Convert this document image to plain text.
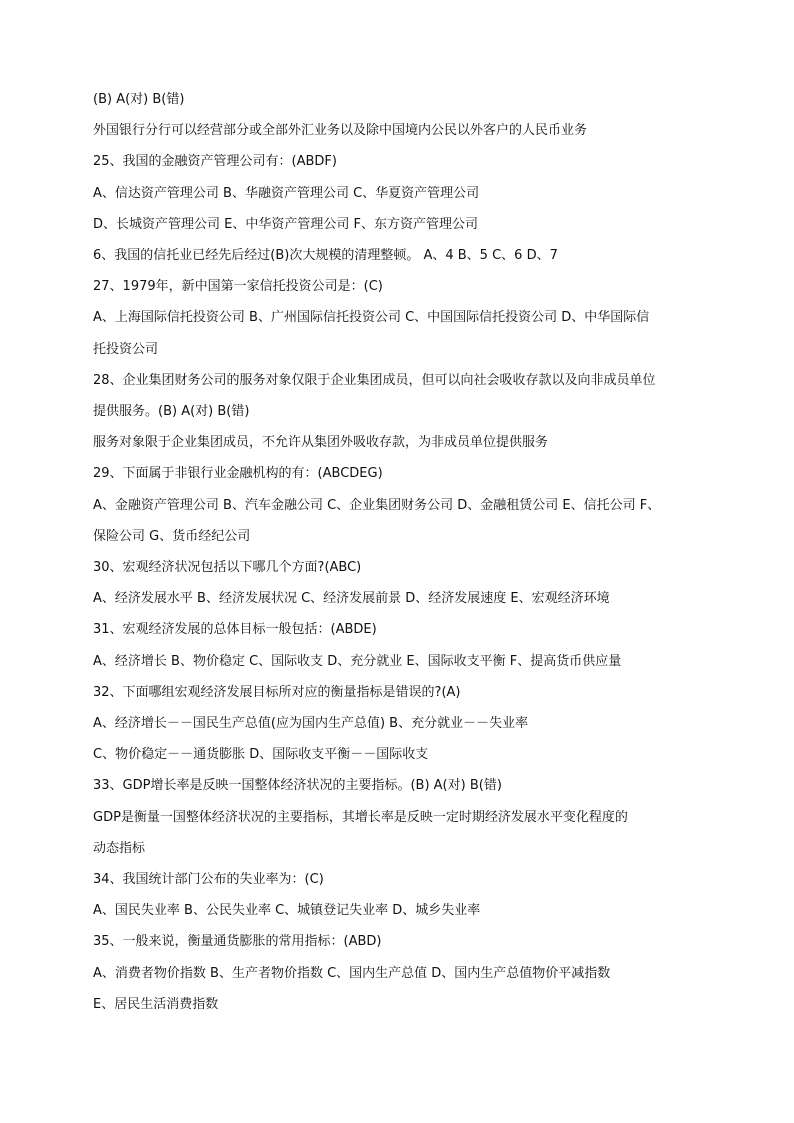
(B) A(对) B(错)
外国银行分行可以经营部分或全部外汇业务以及除中国境内公民以外客户的人民币业务
25、我国的金融资产管理公司有：(ABDF)
A、信达资产管理公司 B、华融资产管理公司 C、华夏资产管理公司
D、长城资产管理公司 E、中华资产管理公司 F、东方资产管理公司
6、我国的信托业已经先后经过(B)次大规模的清理整顿。 A、4 B、5 C、6 D、7
27、1979年，新中国第一家信托投资公司是：(C)
A、上海国际信托投资公司 B、广州国际信托投资公司 C、中国国际信托投资公司 D、中华国际信
托投资公司
28、企业集团财务公司的服务对象仅限于企业集团成员，但可以向社会吸收存款以及向非成员单位
提供服务。(B) A(对) B(错)
服务对象限于企业集团成员，不允许从集团外吸收存款，为非成员单位提供服务
29、下面属于非银行业金融机构的有：(ABCDEG)
A、金融资产管理公司 B、汽车金融公司 C、企业集团财务公司 D、金融租赁公司 E、信托公司 F、
保险公司 G、货币经纪公司
30、宏观经济状况包括以下哪几个方面?(ABC)
A、经济发展水平 B、经济发展状况 C、经济发展前景 D、经济发展速度 E、宏观经济环境
31、宏观经济发展的总体目标一般包括：(ABDE)
A、经济增长 B、物价稳定 C、国际收支 D、充分就业 E、国际收支平衡 F、提高货币供应量
32、下面哪组宏观经济发展目标所对应的衡量指标是错误的?(A)
A、经济增长－－国民生产总值(应为国内生产总值) B、充分就业－－失业率
C、物价稳定－－通货膨胀 D、国际收支平衡－－国际收支
33、GDP增长率是反映一国整体经济状况的主要指标。(B) A(对) B(错)
GDP是衡量一国整体经济状况的主要指标，其增长率是反映一定时期经济发展水平变化程度的
动态指标
34、我国统计部门公布的失业率为：(C)
A、国民失业率 B、公民失业率 C、城镇登记失业率 D、城乡失业率
35、一般来说，衡量通货膨胀的常用指标：(ABD)
A、消费者物价指数 B、生产者物价指数 C、国内生产总值 D、国内生产总值物价平减指数
E、居民生活消费指数
